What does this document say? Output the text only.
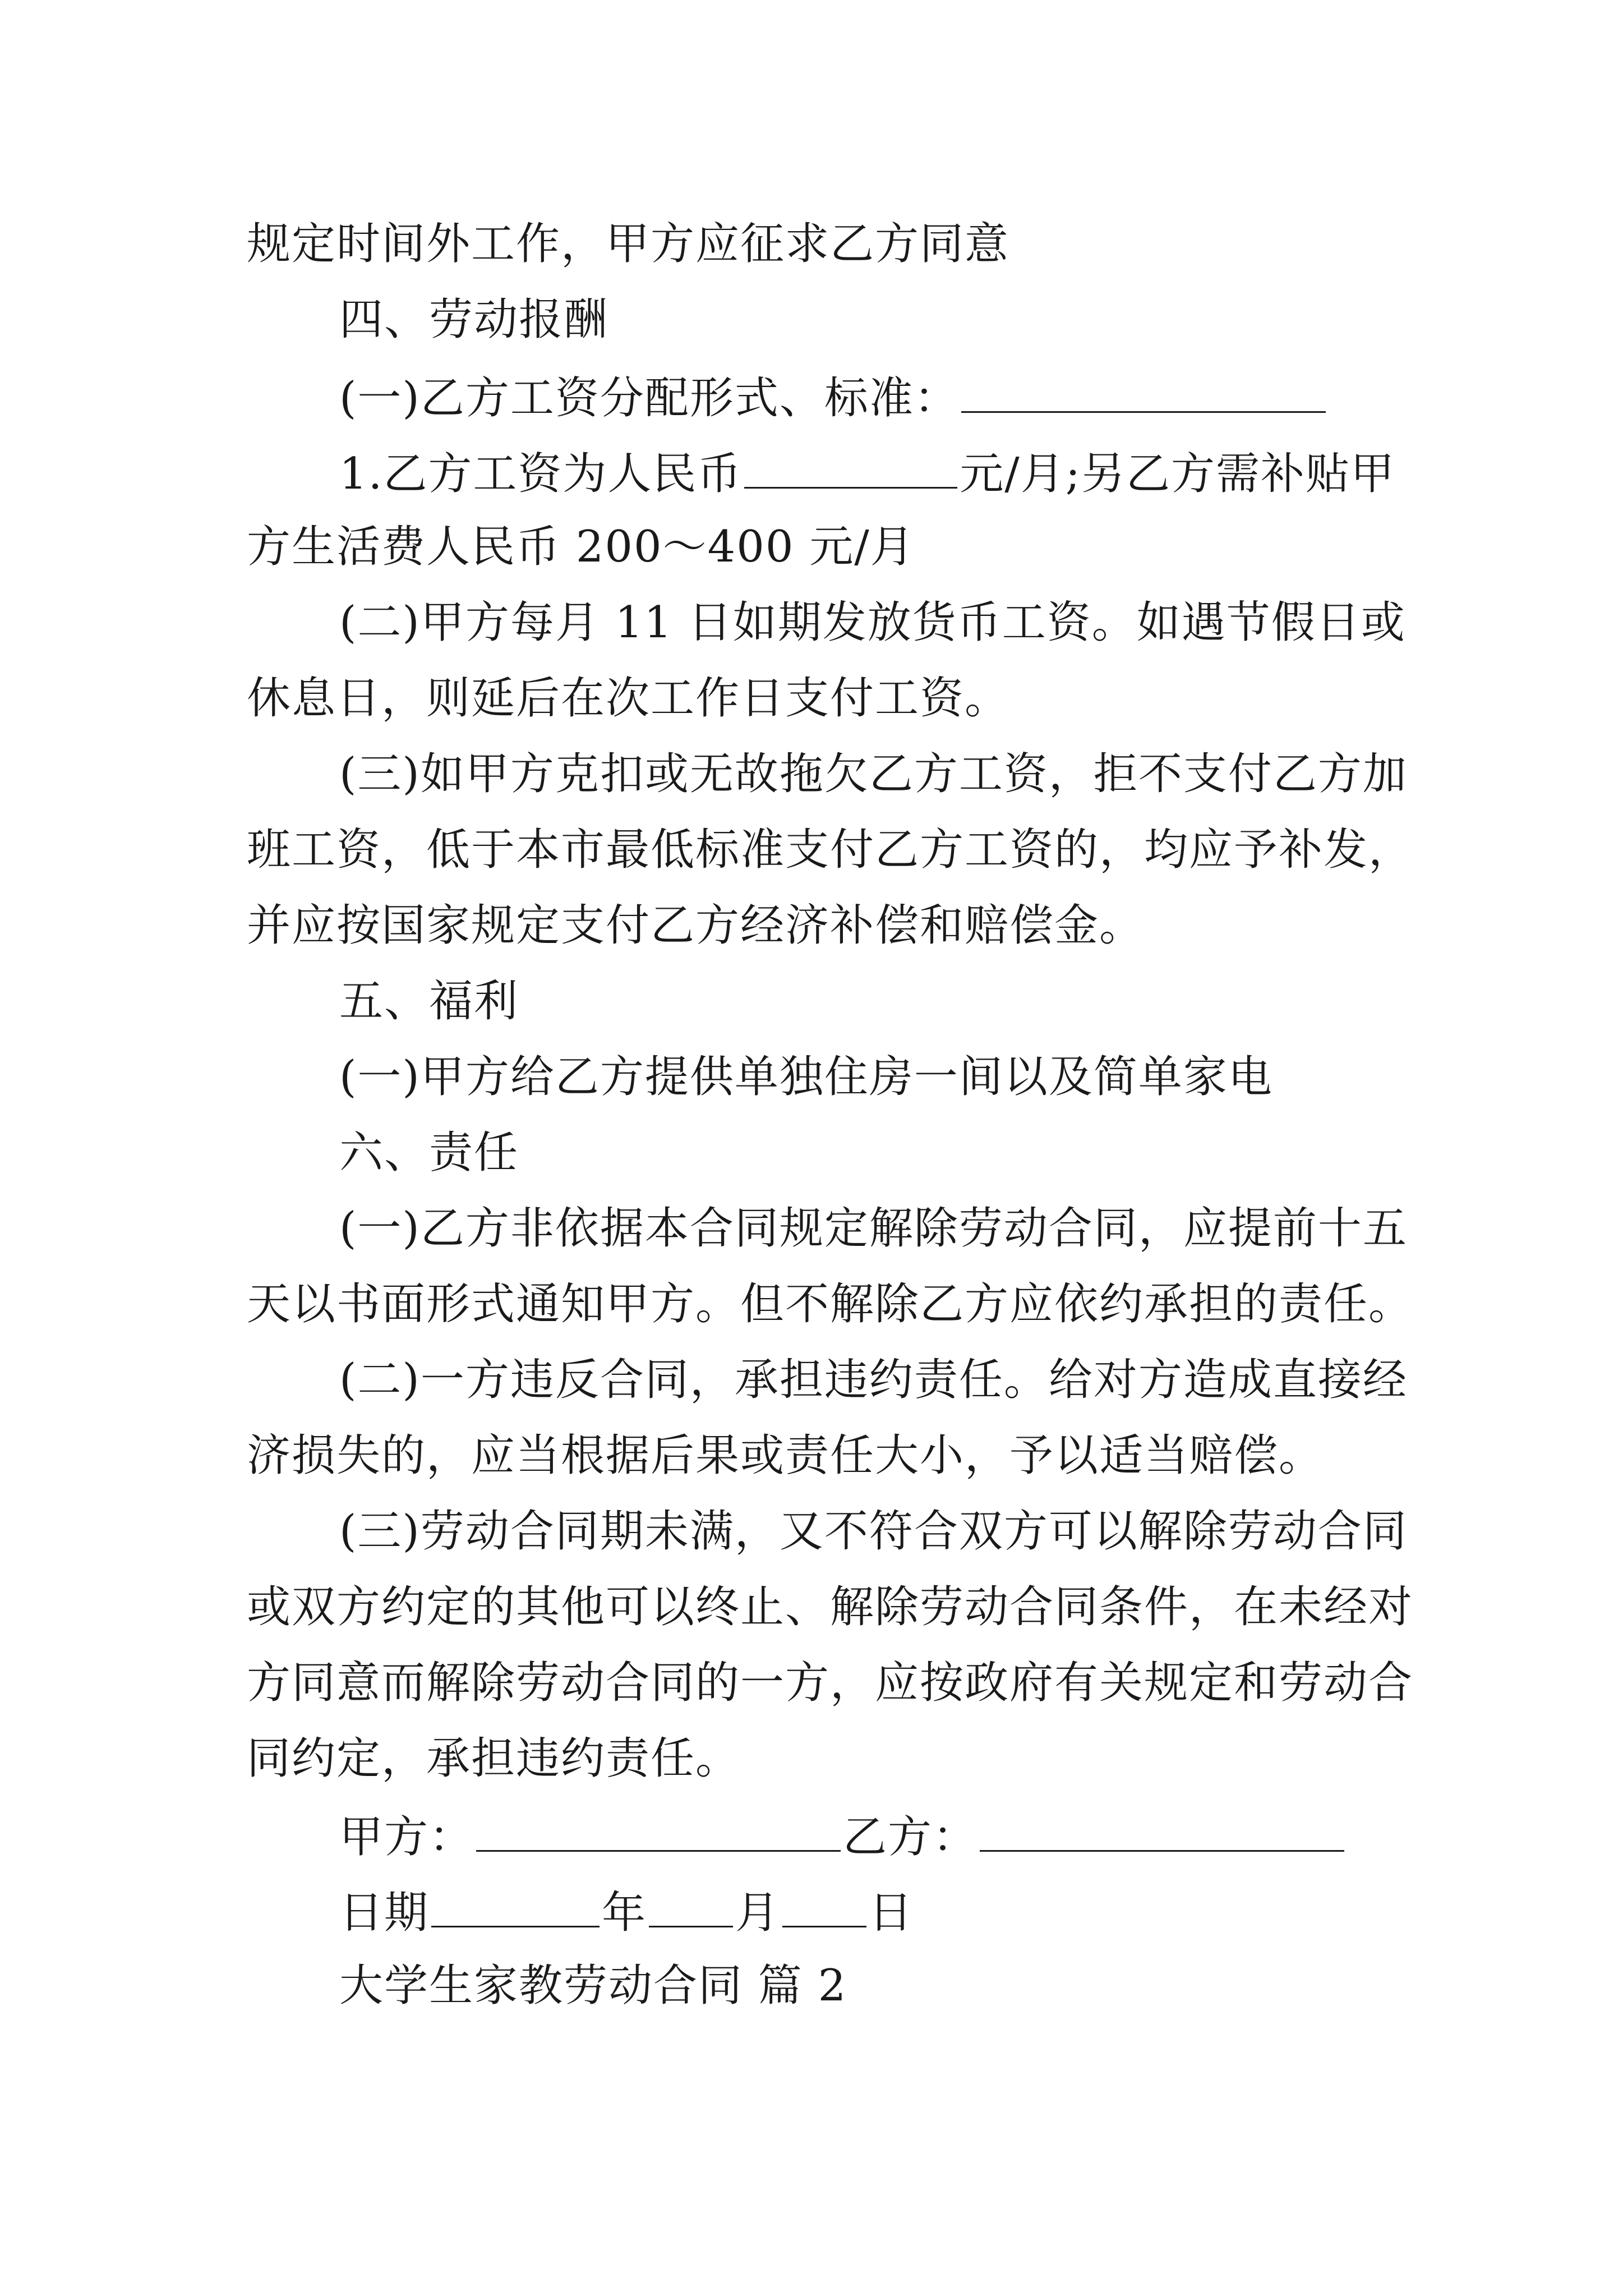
规定时间外工作，甲方应征求乙方同意
四、劳动报酬
(一)乙方工资分配形式、标准：
1.乙方工资为人民币	元/月;另乙方需补贴甲
方生活费人民币 200～400 元/月
(二)甲方每月 11 日如期发放货币工资。如遇节假日或
休息日，则延后在次工作日支付工资。
(三)如甲方克扣或无故拖欠乙方工资，拒不支付乙方加
班工资，低于本市最低标准支付乙方工资的，均应予补发，
并应按国家规定支付乙方经济补偿和赔偿金。
五、福利
(一)甲方给乙方提供单独住房一间以及简单家电
六、责任
(一)乙方非依据本合同规定解除劳动合同，应提前十五
天以书面形式通知甲方。但不解除乙方应依约承担的责任。
(二)一方违反合同，承担违约责任。给对方造成直接经
济损失的，应当根据后果或责任大小，予以适当赔偿。
(三)劳动合同期未满，又不符合双方可以解除劳动合同
或双方约定的其他可以终止、解除劳动合同条件，在未经对
方同意而解除劳动合同的一方，应按政府有关规定和劳动合
同约定，承担违约责任。
甲方：	乙方：
日期	年 月 日
大学生家教劳动合同 篇 2
